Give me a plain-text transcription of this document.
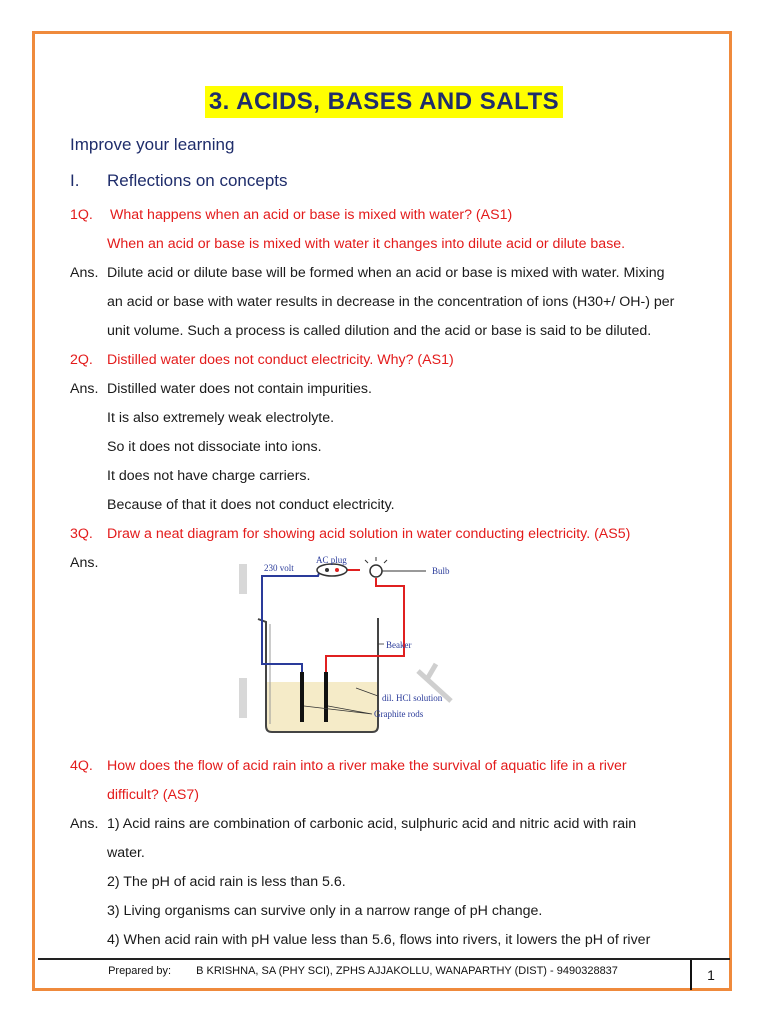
3. ACIDS, BASES AND SALTS
Improve your learning
I. Reflections on concepts
1Q. What happens when an acid or base is mixed with water? (AS1)
When an acid or base is mixed with water it changes into dilute acid or dilute base.
Ans. Dilute acid or dilute base will be formed when an acid or base is mixed with water. Mixing
an acid or base with water results in decrease in the concentration of ions (H30+/ OH-) per
unit volume. Such a process is called dilution and the acid or base is said to be diluted.
2Q. Distilled water does not conduct electricity. Why? (AS1)
Ans. Distilled water does not contain impurities.
It is also extremely weak electrolyte.
So it does not dissociate into ions.
It does not have charge carriers.
Because of that it does not conduct electricity.
3Q. Draw a neat diagram for showing acid solution in water conducting electricity. (AS5)
Ans.	230 volt
AC plug
Bulb
Beaker
dil. HCl solution
Graphite rods
4Q. How does the flow of acid rain into a river make the survival of aquatic life in a river
difficult? (AS7)
Ans. 1) Acid rains are combination of carbonic acid, sulphuric acid and nitric acid with rain
water.
2) The pH of acid rain is less than 5.6.
3) Living organisms can survive only in a narrow range of pH change.
4) When acid rain with pH value less than 5.6, flows into rivers, it lowers the pH of river
Prepared by: B KRISHNA, SA (PHY SCI), ZPHS AJJAKOLLU, WANAPARTHY (DIST) - 9490328837	1
